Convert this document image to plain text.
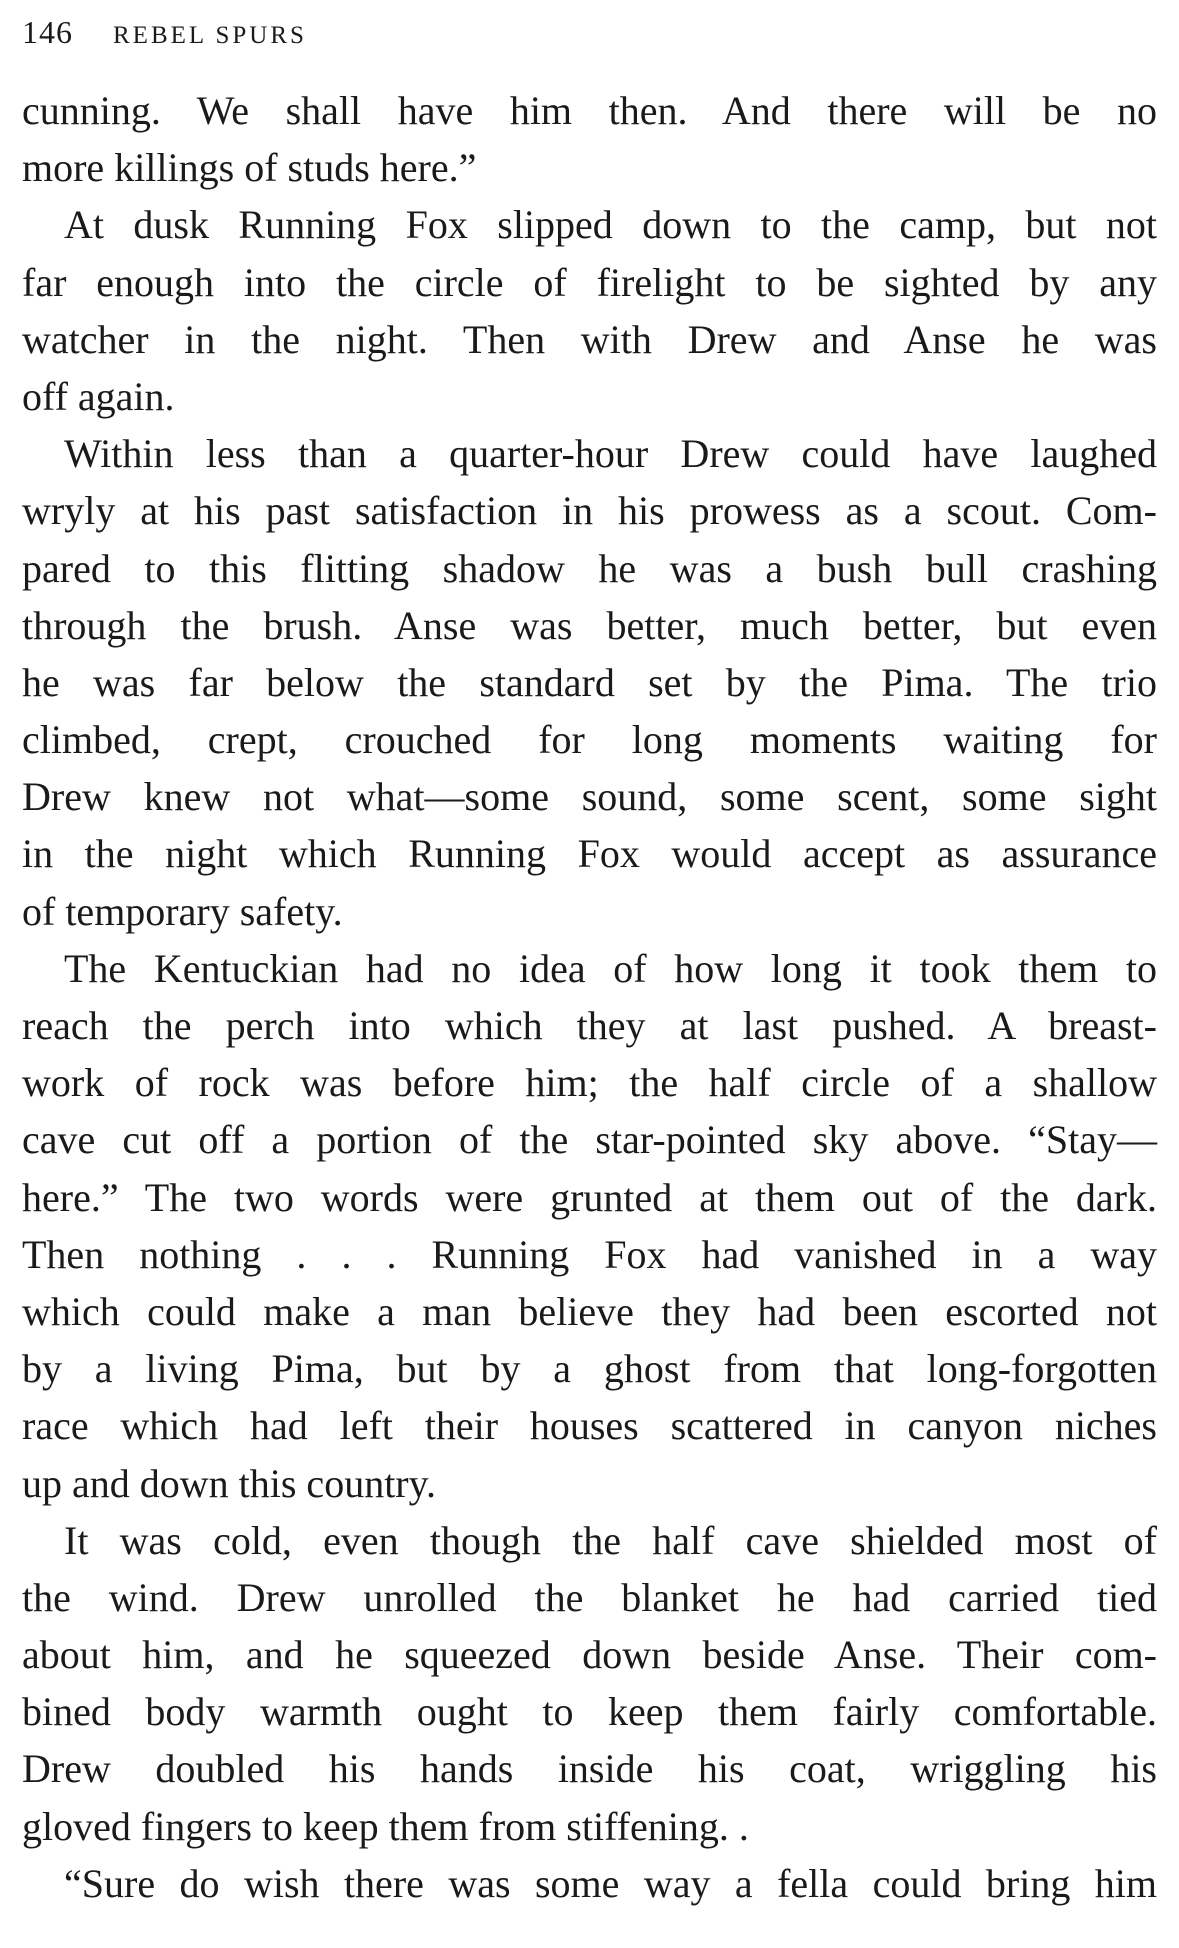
146 REBEL SPURS
cunning. We shall have him then. And there will be no
more killings of studs here.”
At dusk Running Fox slipped down to the camp, but not
far enough into the circle of firelight to be sighted by any
watcher in the night. Then with Drew and Anse he was
off again.
Within less than a quarter-hour Drew could have laughed
wryly at his past satisfaction in his prowess as a scout. Com-
pared to this flitting shadow he was a bush bull crashing
through the brush. Anse was better, much better, but even
he was far below the standard set by the Pima. The trio
climbed, crept, crouched for long moments waiting for
Drew knew not what—some sound, some scent, some sight
in the night which Running Fox would accept as assurance
of temporary safety.
The Kentuckian had no idea of how long it took them to
reach the perch into which they at last pushed. A breast-
work of rock was before him; the half circle of a shallow
cave cut off a portion of the star-pointed sky above. “Stay—
here.” The two words were grunted at them out of the dark.
Then nothing . . . Running Fox had vanished in a way
which could make a man believe they had been escorted not
by a living Pima, but by a ghost from that long-forgotten
race which had left their houses scattered in canyon niches
up and down this country.
It was cold, even though the half cave shielded most of
the wind. Drew unrolled the blanket he had carried tied
about him, and he squeezed down beside Anse. Their com-
bined body warmth ought to keep them fairly comfortable.
Drew doubled his hands inside his coat, wriggling his
gloved fingers to keep them from stiffening. .
“Sure do wish there was some way a fella could bring him
